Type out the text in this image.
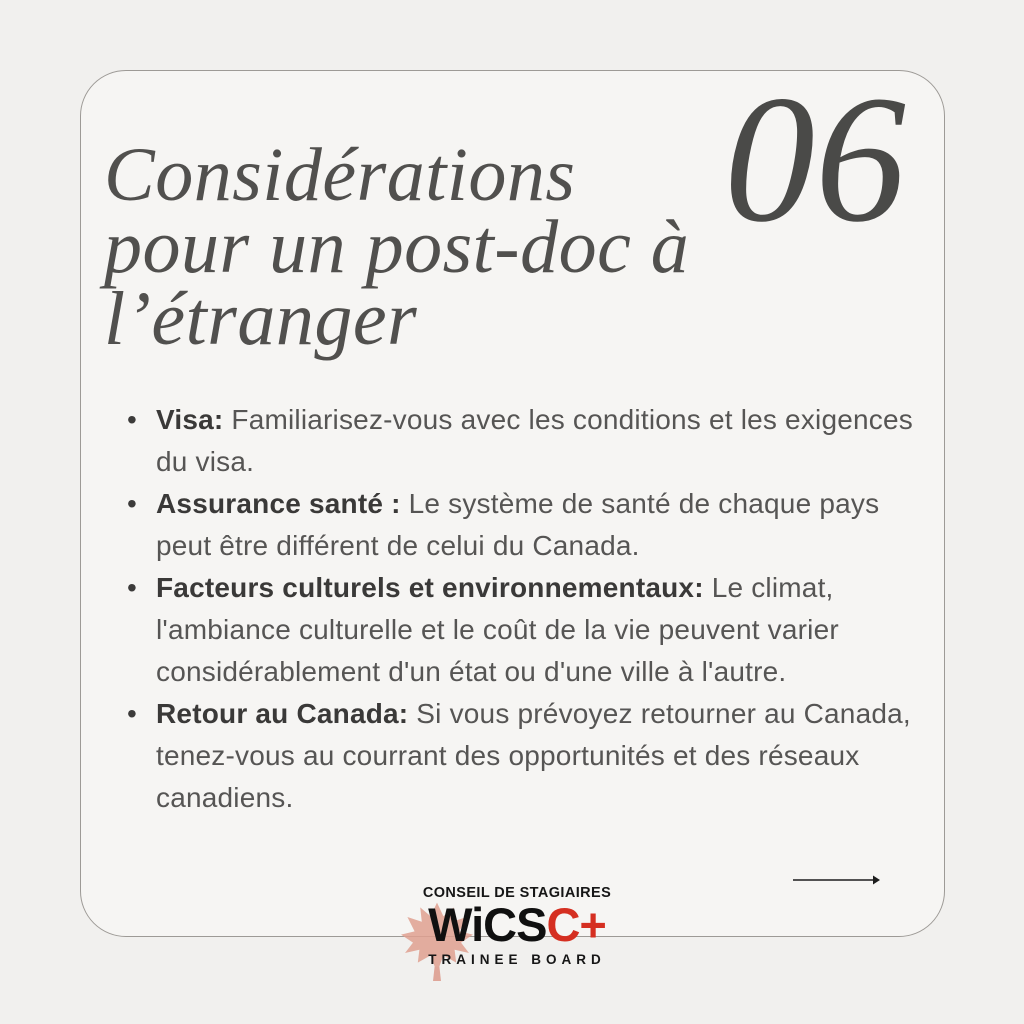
06
Considérations
pour un post-doc à
l’étranger
• Visa: Familiarisez-vous avec les conditions et les exigences du visa.
• Assurance santé : Le système de santé de chaque pays peut être différent de celui du Canada.
• Facteurs culturels et environnementaux: Le climat, l'ambiance culturelle et le coût de la vie peuvent varier considérablement d'un état ou d'une ville à l'autre.
• Retour au Canada: Si vous prévoyez retourner au Canada, tenez-vous au courrant des opportunités et des réseaux canadiens.
CONSEIL DE STAGIAIRES
WiCSC+
TRAINEE BOARD
